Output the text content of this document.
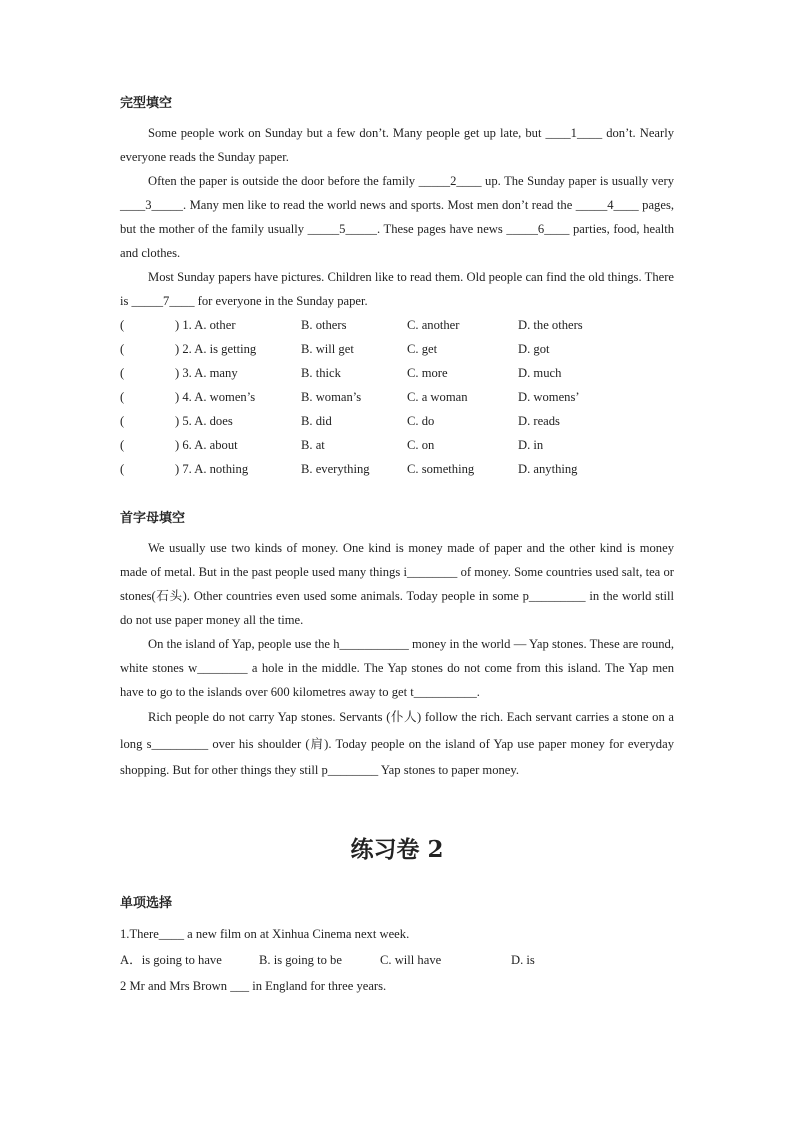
完型填空

Some people work on Sunday but a few don’t. Many people get up late, but ____1____ don’t. Nearly everyone reads the Sunday paper.

Often the paper is outside the door before the family _____2____ up. The Sunday paper is usually very ____3_____. Many men like to read the world news and sports. Most men don’t read the _____4____ pages, but the mother of the family usually _____5_____. These pages have news _____6____ parties, food, health and clothes.

Most Sunday papers have pictures. Children like to read them. Old people can find the old things. There is _____7____ for everyone in the Sunday paper.

(	) 1. A. other	B. others	C. another	D. the others
(	) 2. A. is getting	B. will get	C. get	D. got
(	) 3. A. many	B. thick	C. more	D. much
(	) 4. A. women’s	B. woman’s	C. a woman	D. womens’
(	) 5. A. does	B. did	C. do	D. reads
(	) 6. A. about	B. at	C. on	D. in
(	) 7. A. nothing	B. everything	C. something	D. anything

首字母填空

We usually use two kinds of money. One kind is money made of paper and the other kind is money made of metal. But in the past people used many things i________ of money. Some countries used salt, tea or stones(石头). Other countries even used some animals. Today people in some p_________ in the world still do not use paper money all the time.

On the island of Yap, people use the h___________ money in the world — Yap stones. These are round, white stones w________ a hole in the middle. The Yap stones do not come from this island. The Yap men have to go to the islands over 600 kilometres away to get t__________.

Rich people do not carry Yap stones. Servants (仆人) follow the rich. Each servant carries a stone on a long s_________ over his shoulder (肩). Today people on the island of Yap use paper money for everyday shopping. But for other things they still p________ Yap stones to paper money.

练习卷 2

单项选择

1.There____ a new film on at Xinhua Cinema next week.

A．is going to have	B. is going to be	C. will have	D. is

2 Mr and Mrs Brown ___ in England for three years.
